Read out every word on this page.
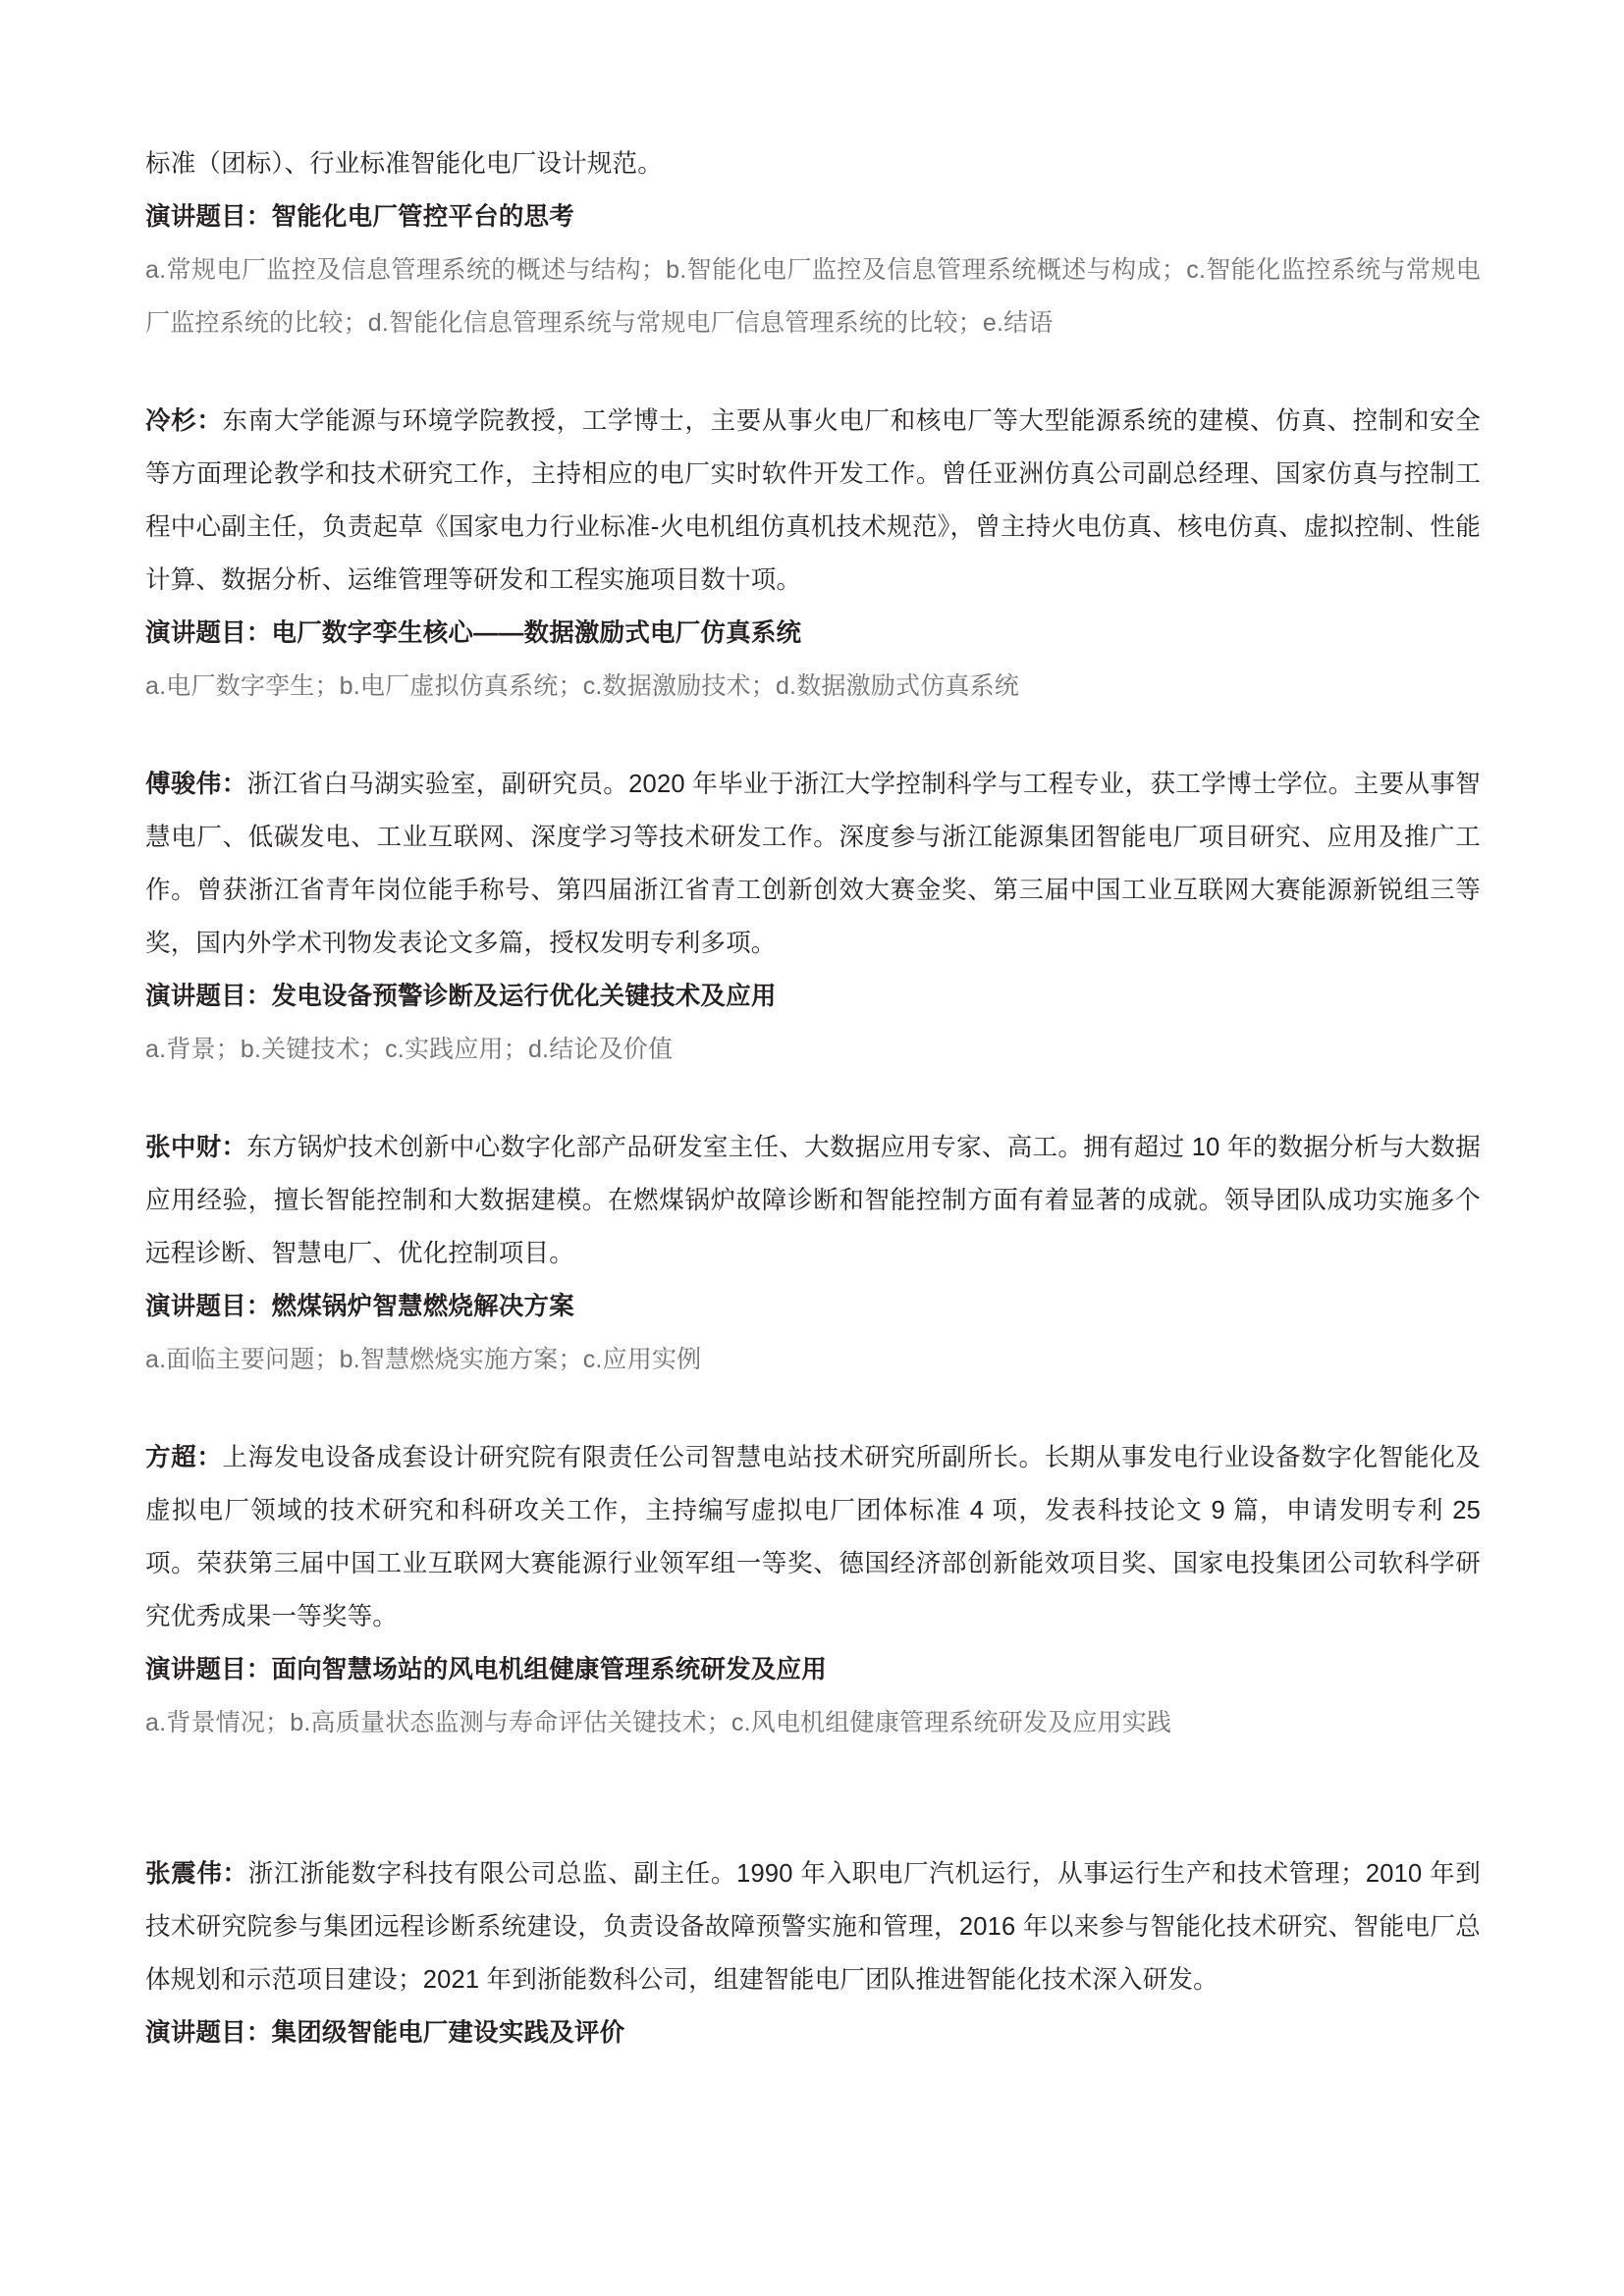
标准（团标）、行业标准智能化电厂设计规范。

演讲题目：智能化电厂管控平台的思考

a.常规电厂监控及信息管理系统的概述与结构；b.智能化电厂监控及信息管理系统概述与构成；c.智能化监控系统与常规电厂监控系统的比较；d.智能化信息管理系统与常规电厂信息管理系统的比较；e.结语

冷杉：东南大学能源与环境学院教授，工学博士，主要从事火电厂和核电厂等大型能源系统的建模、仿真、控制和安全等方面理论教学和技术研究工作，主持相应的电厂实时软件开发工作。曾任亚洲仿真公司副总经理、国家仿真与控制工程中心副主任，负责起草《国家电力行业标准-火电机组仿真机技术规范》，曾主持火电仿真、核电仿真、虚拟控制、性能计算、数据分析、运维管理等研发和工程实施项目数十项。

演讲题目：电厂数字孪生核心——数据激励式电厂仿真系统

a.电厂数字孪生；b.电厂虚拟仿真系统；c.数据激励技术；d.数据激励式仿真系统

傅骏伟：浙江省白马湖实验室，副研究员。2020 年毕业于浙江大学控制科学与工程专业，获工学博士学位。主要从事智慧电厂、低碳发电、工业互联网、深度学习等技术研发工作。深度参与浙江能源集团智能电厂项目研究、应用及推广工作。曾获浙江省青年岗位能手称号、第四届浙江省青工创新创效大赛金奖、第三届中国工业互联网大赛能源新锐组三等奖，国内外学术刊物发表论文多篇，授权发明专利多项。

演讲题目：发电设备预警诊断及运行优化关键技术及应用

a.背景；b.关键技术；c.实践应用；d.结论及价值

张中财：东方锅炉技术创新中心数字化部产品研发室主任、大数据应用专家、高工。拥有超过 10 年的数据分析与大数据应用经验，擅长智能控制和大数据建模。在燃煤锅炉故障诊断和智能控制方面有着显著的成就。领导团队成功实施多个远程诊断、智慧电厂、优化控制项目。

演讲题目：燃煤锅炉智慧燃烧解决方案

a.面临主要问题；b.智慧燃烧实施方案；c.应用实例

方超：上海发电设备成套设计研究院有限责任公司智慧电站技术研究所副所长。长期从事发电行业设备数字化智能化及虚拟电厂领域的技术研究和科研攻关工作，主持编写虚拟电厂团体标准 4 项，发表科技论文 9 篇，申请发明专利 25 项。荣获第三届中国工业互联网大赛能源行业领军组一等奖、德国经济部创新能效项目奖、国家电投集团公司软科学研究优秀成果一等奖等。

演讲题目：面向智慧场站的风电机组健康管理系统研发及应用

a.背景情况；b.高质量状态监测与寿命评估关键技术；c.风电机组健康管理系统研发及应用实践

张震伟：浙江浙能数字科技有限公司总监、副主任。1990 年入职电厂汽机运行，从事运行生产和技术管理；2010 年到技术研究院参与集团远程诊断系统建设，负责设备故障预警实施和管理，2016 年以来参与智能化技术研究、智能电厂总体规划和示范项目建设；2021 年到浙能数科公司，组建智能电厂团队推进智能化技术深入研发。

演讲题目：集团级智能电厂建设实践及评价
